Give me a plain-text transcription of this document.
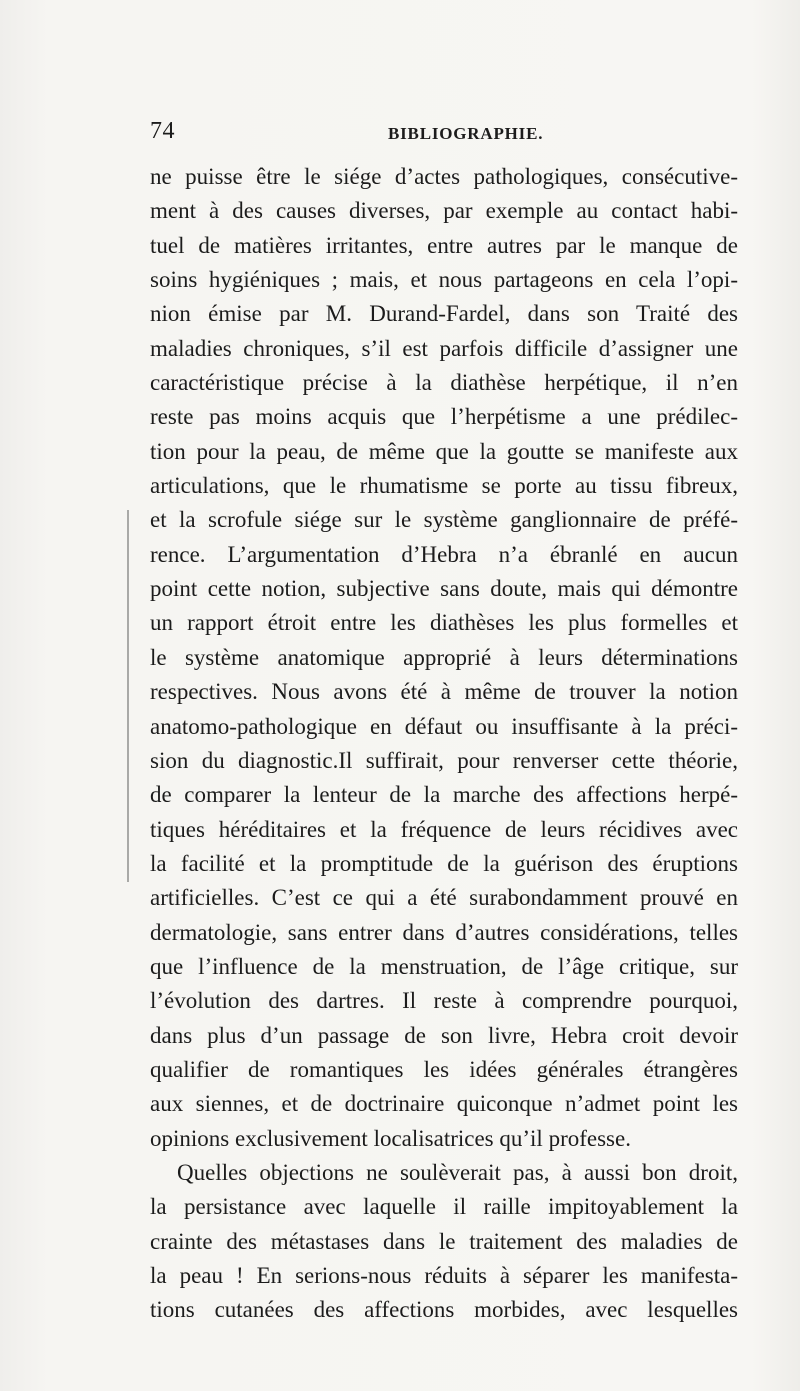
74	BIBLIOGRAPHIE.
ne puisse être le siége d’actes pathologiques, consécutive-
ment à des causes diverses, par exemple au contact habi-
tuel de matières irritantes, entre autres par le manque de
soins hygiéniques ; mais, et nous partageons en cela l’opi-
nion émise par M. Durand-Fardel, dans son Traité des
maladies chroniques, s’il est parfois difficile d’assigner une
caractéristique précise à la diathèse herpétique, il n’en
reste pas moins acquis que l’herpétisme a une prédilec-
tion pour la peau, de même que la goutte se manifeste aux
articulations, que le rhumatisme se porte au tissu fibreux,
et la scrofule siége sur le système ganglionnaire de préfé-
rence. L’argumentation d’Hebra n’a ébranlé en aucun
point cette notion, subjective sans doute, mais qui démontre
un rapport étroit entre les diathèses les plus formelles et
le système anatomique approprié à leurs déterminations
respectives. Nous avons été à même de trouver la notion
anatomo-pathologique en défaut ou insuffisante à la préci-
sion du diagnostic.Il suffirait, pour renverser cette théorie,
de comparer la lenteur de la marche des affections herpé-
tiques héréditaires et la fréquence de leurs récidives avec
la facilité et la promptitude de la guérison des éruptions
artificielles. C’est ce qui a été surabondamment prouvé en
dermatologie, sans entrer dans d’autres considérations, telles
que l’influence de la menstruation, de l’âge critique, sur
l’évolution des dartres. Il reste à comprendre pourquoi,
dans plus d’un passage de son livre, Hebra croit devoir
qualifier de romantiques les idées générales étrangères
aux siennes, et de doctrinaire quiconque n’admet point les
opinions exclusivement localisatrices qu’il professe.
Quelles objections ne soulèverait pas, à aussi bon droit,
la persistance avec laquelle il raille impitoyablement la
crainte des métastases dans le traitement des maladies de
la peau ! En serions-nous réduits à séparer les manifesta-
tions cutanées des affections morbides, avec lesquelles
